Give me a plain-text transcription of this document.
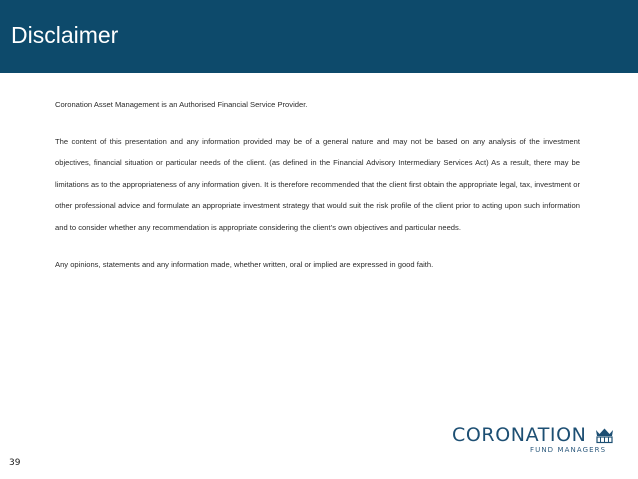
Disclaimer

Coronation Asset Management is an Authorised Financial Service Provider.

The content of this presentation and any information provided may be of a general nature and may not be based on any analysis of the investment objectives, financial situation or particular needs of the client. (as defined in the Financial Advisory Intermediary Services Act) As a result, there may be limitations as to the appropriateness of any information given. It is therefore recommended that the client first obtain the appropriate legal, tax, investment or other professional advice and formulate an appropriate investment strategy that would suit the risk profile of the client prior to acting upon such information and to consider whether any recommendation is appropriate considering the client’s own objectives and particular needs.

Any opinions, statements and any information made, whether written, oral or implied are expressed in good faith.

39
CORONATION
FUND MANAGERS
